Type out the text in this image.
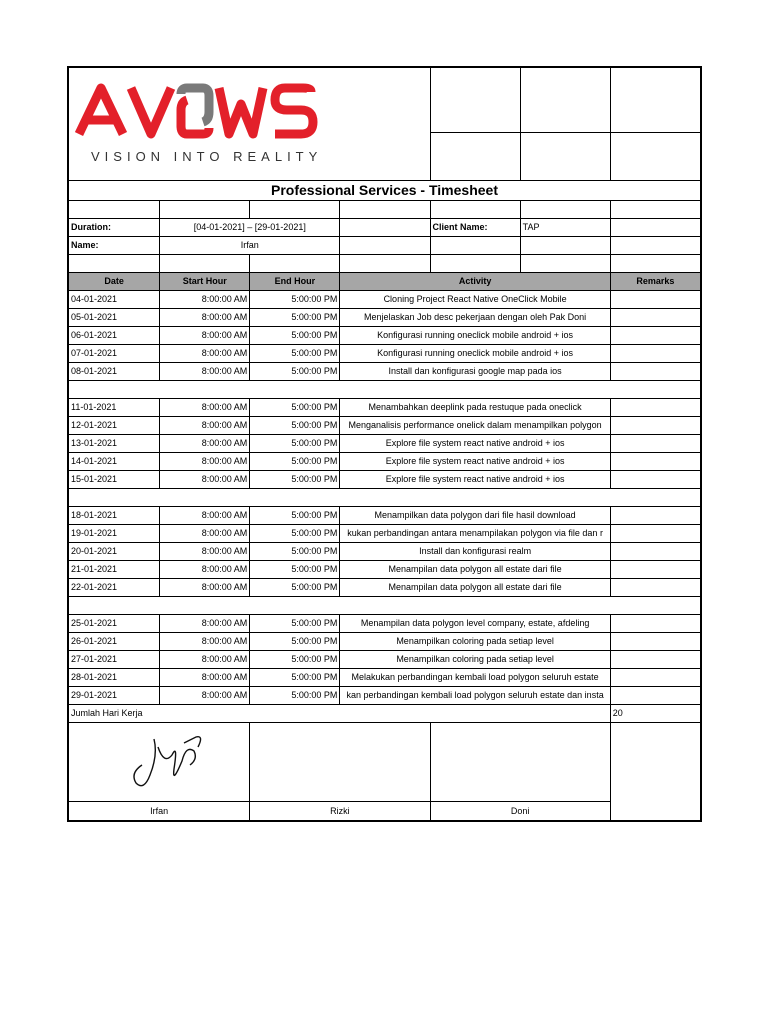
VISION INTO REALITY						

Professional Services - Timesheet						

Duration:	[04-01-2021] – [29-01-2021]			Client Name:	TAP	
Name:	Irfan					

Date	Start Hour	End Hour	Activity			Remarks
04-01-2021	8:00:00 AM	5:00:00 PM	Cloning Project React Native OneClick Mobile			
05-01-2021	8:00:00 AM	5:00:00 PM	Menjelaskan Job desc pekerjaan dengan oleh Pak Doni			
06-01-2021	8:00:00 AM	5:00:00 PM	Konfigurasi running oneclick mobile android + ios			
07-01-2021	8:00:00 AM	5:00:00 PM	Konfigurasi running oneclick mobile android + ios			
08-01-2021	8:00:00 AM	5:00:00 PM	Install dan konfigurasi google map pada ios			

11-01-2021	8:00:00 AM	5:00:00 PM	Menambahkan deeplink pada restuque pada oneclick			
12-01-2021	8:00:00 AM	5:00:00 PM	Menganalisis performance onelick dalam menampilkan polygon			
13-01-2021	8:00:00 AM	5:00:00 PM	Explore file system react native android + ios			
14-01-2021	8:00:00 AM	5:00:00 PM	Explore file system react native android + ios			
15-01-2021	8:00:00 AM	5:00:00 PM	Explore file system react native android + ios			

18-01-2021	8:00:00 AM	5:00:00 PM	Menampilkan data polygon dari file hasil download			
19-01-2021	8:00:00 AM	5:00:00 PM	kukan perbandingan antara menampilakan polygon via file dan r			
20-01-2021	8:00:00 AM	5:00:00 PM	Install dan konfigurasi realm			
21-01-2021	8:00:00 AM	5:00:00 PM	Menampilan data polygon all estate dari file			
22-01-2021	8:00:00 AM	5:00:00 PM	Menampilan data polygon all estate dari file			

25-01-2021	8:00:00 AM	5:00:00 PM	Menampilan data polygon level company, estate, afdeling			
26-01-2021	8:00:00 AM	5:00:00 PM	Menampilkan coloring pada setiap level			
27-01-2021	8:00:00 AM	5:00:00 PM	Menampilkan coloring pada setiap level			
28-01-2021	8:00:00 AM	5:00:00 PM	Melakukan perbandingan kembali load polygon seluruh estate			
29-01-2021	8:00:00 AM	5:00:00 PM	kan perbandingan kembali load polygon seluruh estate dan insta			
Jumlah Hari Kerja						20

Irfan		Rizki		Doni		
